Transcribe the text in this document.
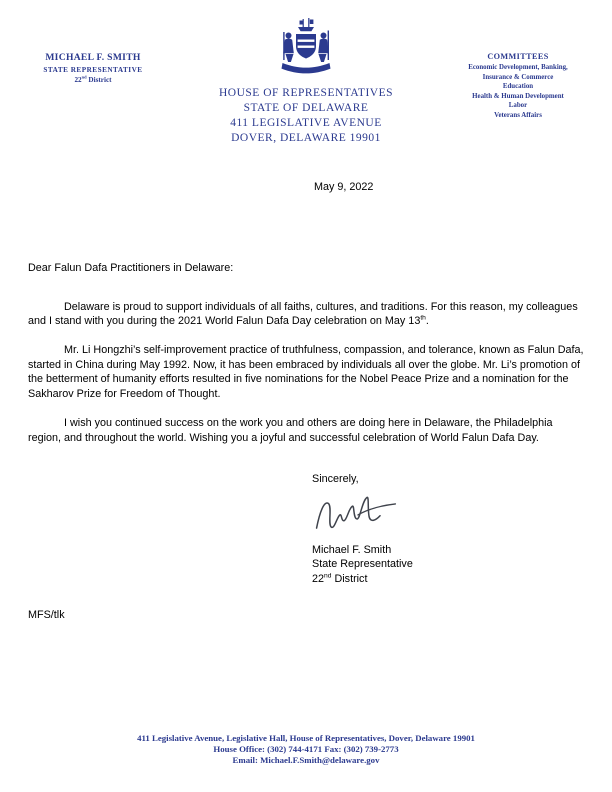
MICHAEL F. SMITH
STATE REPRESENTATIVE
22nd District
HOUSE OF REPRESENTATIVES
STATE OF DELAWARE
411 LEGISLATIVE AVENUE
DOVER, DELAWARE 19901
COMMITTEES
Economic Development, Banking,
Insurance & Commerce
Education
Health & Human Development
Labor
Veterans Affairs
May 9, 2022

Dear Falun Dafa Practitioners in Delaware:

Delaware is proud to support individuals of all faiths, cultures, and traditions. For this reason, my colleagues and I stand with you during the 2021 World Falun Dafa Day celebration on May 13th.

Mr. Li Hongzhi’s self-improvement practice of truthfulness, compassion, and tolerance, known as Falun Dafa, started in China during May 1992. Now, it has been embraced by individuals all over the globe. Mr. Li’s promotion of the betterment of humanity efforts resulted in five nominations for the Nobel Peace Prize and a nomination for the Sakharov Prize for Freedom of Thought.

I wish you continued success on the work you and others are doing here in Delaware, the Philadelphia region, and throughout the world. Wishing you a joyful and successful celebration of World Falun Dafa Day.

Sincerely,
Michael F. Smith
State Representative
22nd District
MFS/tlk
411 Legislative Avenue, Legislative Hall, House of Representatives, Dover, Delaware 19901
House Office: (302) 744-4171 Fax: (302) 739-2773
Email: Michael.F.Smith@delaware.gov
